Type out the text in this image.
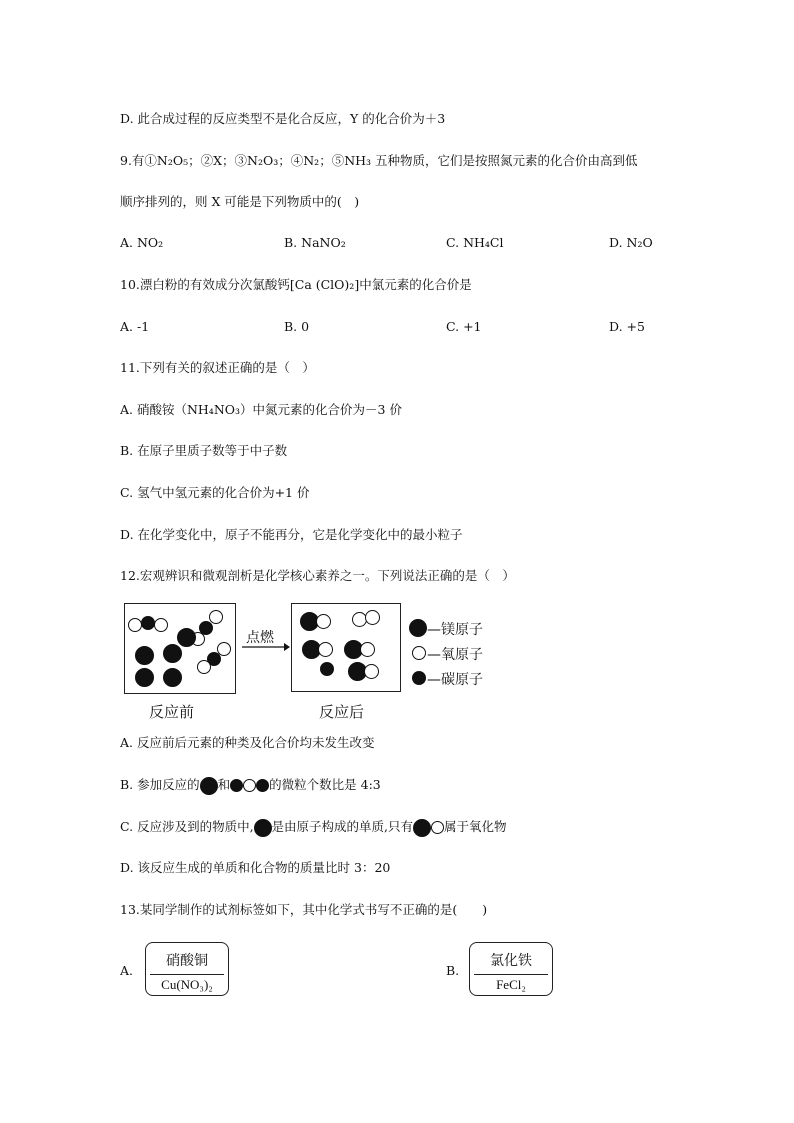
D. 此合成过程的反应类型不是化合反应，Y 的化合价为＋3
9.有①N₂O₅；②X；③N₂O₃；④N₂；⑤NH₃ 五种物质，它们是按照氮元素的化合价由高到低
顺序排列的，则 X 可能是下列物质中的(　)
A. NO₂	B. NaNO₂	C. NH₄Cl	D. N₂O
10.漂白粉的有效成分次氯酸钙[Ca (ClO)₂]中氯元素的化合价是
A. -1	B. 0	C. +1	D. +5
11.下列有关的叙述正确的是（　）
A. 硝酸铵（NH₄NO₃）中氮元素的化合价为－3 价
B. 在原子里质子数等于中子数
C. 氢气中氢元素的化合价为+1 价
D. 在化学变化中，原子不能再分，它是化学变化中的最小粒子
12.宏观辨识和微观剖析是化学核心素养之一。下列说法正确的是（　）
点燃	—镁原子
—氧原子
—碳原子
反应前	反应后
A. 反应前后元素的种类及化合价均未发生改变
B. 参加反应的 和	的微粒个数比是 4:3
C. 反应涉及到的物质中, 是由原子构成的单质,只有 属于氧化物
D. 该反应生成的单质和化合物的质量比时 3：20
13.某同学制作的试剂标签如下，其中化学式书写不正确的是(　　)
A.
硝酸铜
Cu(NO₃)₂
B.
氯化铁
FeCl₂
